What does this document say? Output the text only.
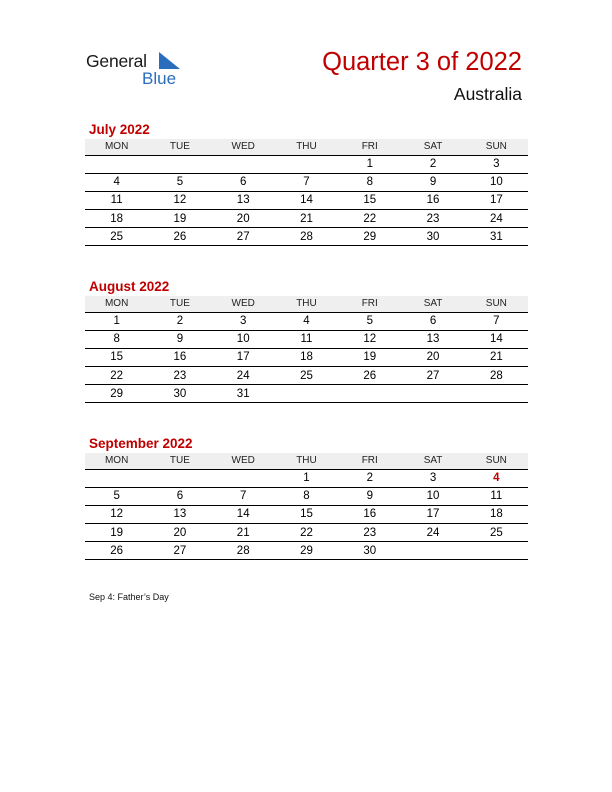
General
Blue
Quarter 3 of 2022
Australia
July 2022
MON	TUE	WED	THU	FRI	SAT	SUN
				1	2	3
4	5	6	7	8	9	10
11	12	13	14	15	16	17
18	19	20	21	22	23	24
25	26	27	28	29	30	31
August 2022
MON	TUE	WED	THU	FRI	SAT	SUN
1	2	3	4	5	6	7
8	9	10	11	12	13	14
15	16	17	18	19	20	21
22	23	24	25	26	27	28
29	30	31				
September 2022
MON	TUE	WED	THU	FRI	SAT	SUN
			1	2	3	4
5	6	7	8	9	10	11
12	13	14	15	16	17	18
19	20	21	22	23	24	25
26	27	28	29	30		
Sep 4: Father’s Day
